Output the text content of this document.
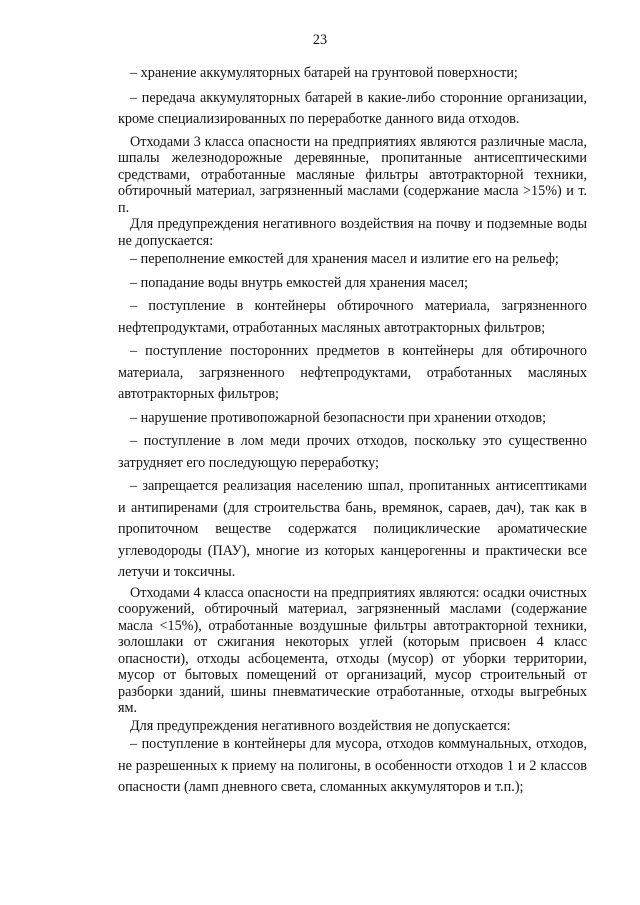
23

– хранение аккумуляторных батарей на грунтовой поверхности;

– передача аккумуляторных батарей в какие-либо сторонние организации, кроме специализированных по переработке данного вида отходов.

Отходами 3 класса опасности на предприятиях являются различные масла, шпалы железнодорожные деревянные, пропитанные антисептическими средствами, отработанные масляные фильтры автотракторной техники, обтирочный материал, загрязненный маслами (содержание масла >15%) и т. п.

Для предупреждения негативного воздействия на почву и подземные воды не допускается:

– переполнение емкостей для хранения масел и излитие его на рельеф;

– попадание воды внутрь емкостей для хранения масел;

– поступление в контейнеры обтирочного материала, загрязненного нефтепродуктами, отработанных масляных автотракторных фильтров;

– поступление посторонних предметов в контейнеры для обтирочного материала, загрязненного нефтепродуктами, отработанных масляных автотракторных фильтров;

– нарушение противопожарной безопасности при хранении отходов;

– поступление в лом меди прочих отходов, поскольку это существенно затрудняет его последующую переработку;

– запрещается реализация населению шпал, пропитанных антисептиками и антипиренами (для строительства бань, времянок, сараев, дач), так как в пропиточном веществе содержатся полициклические ароматические углеводороды (ПАУ), многие из которых канцерогенны и практически все летучи и токсичны.

Отходами 4 класса опасности на предприятиях являются: осадки очистных сооружений, обтирочный материал, загрязненный маслами (содержание масла <15%), отработанные воздушные фильтры автотракторной техники, золошлаки от сжигания некоторых углей (которым присвоен 4 класс опасности), отходы асбоцемента, отходы (мусор) от уборки территории, мусор от бытовых помещений от организаций, мусор строительный от разборки зданий, шины пневматические отработанные, отходы выгребных ям.

Для предупреждения негативного воздействия не допускается:

– поступление в контейнеры для мусора, отходов коммунальных, отходов, не разрешенных к приему на полигоны, в особенности отходов 1 и 2 классов опасности (ламп дневного света, сломанных аккумуляторов и т.п.);
